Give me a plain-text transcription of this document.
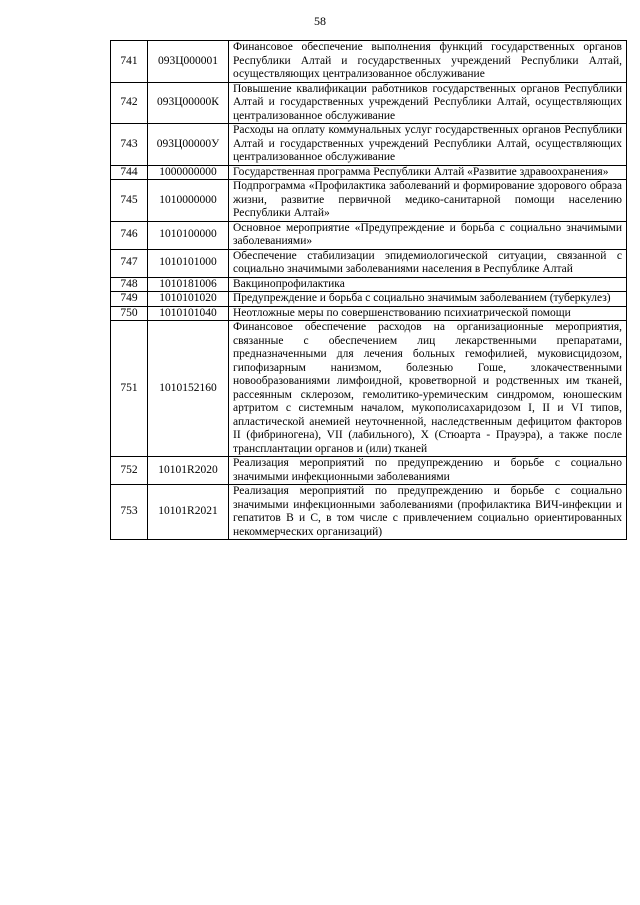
58
741	093Ц000001	Финансовое обеспечение выполнения функций государственных органов Республики Алтай и государственных учреждений Республики Алтай, осуществляющих централизованное обслуживание
742	093Ц00000К	Повышение квалификации работников государственных органов Республики Алтай и государственных учреждений Республики Алтай, осуществляющих централизованное обслуживание
743	093Ц00000У	Расходы на оплату коммунальных услуг государственных органов Республики Алтай и государственных учреждений Республики Алтай, осуществляющих централизованное обслуживание
744	1000000000	Государственная программа Республики Алтай «Развитие здравоохранения»
745	1010000000	Подпрограмма «Профилактика заболеваний и формирование здорового образа жизни, развитие первичной медико-санитарной помощи населению Республики Алтай»
746	1010100000	Основное мероприятие «Предупреждение и борьба с социально значимыми заболеваниями»
747	1010101000	Обеспечение стабилизации эпидемиологической ситуации, связанной с социально значимыми заболеваниями населения в Республике Алтай
748	1010181006	Вакцинопрофилактика
749	1010101020	Предупреждение и борьба с социально значимым заболеванием (туберкулез)
750	1010101040	Неотложные меры по совершенствованию психиатрической помощи
751	1010152160	Финансовое обеспечение расходов на организационные мероприятия, связанные с обеспечением лиц лекарственными препаратами, предназначенными для лечения больных гемофилией, муковисцидозом, гипофизарным нанизмом, болезнью Гоше, злокачественными новообразованиями лимфоидной, кроветворной и родственных им тканей, рассеянным склерозом, гемолитико-уремическим синдромом, юношеским артритом с системным началом, мукополисахаридозом I, II и VI типов, апластической анемией неуточненной, наследственным дефицитом факторов II (фибриногена), VII (лабильного), X (Стюарта - Прауэра), а также после трансплантации органов и (или) тканей
752	10101R2020	Реализация мероприятий по предупреждению и борьбе с социально значимыми инфекционными заболеваниями
753	10101R2021	Реализация мероприятий по предупреждению и борьбе с социально значимыми инфекционными заболеваниями (профилактика ВИЧ-инфекции и гепатитов В и С, в том числе с привлечением социально ориентированных некоммерческих организаций)
